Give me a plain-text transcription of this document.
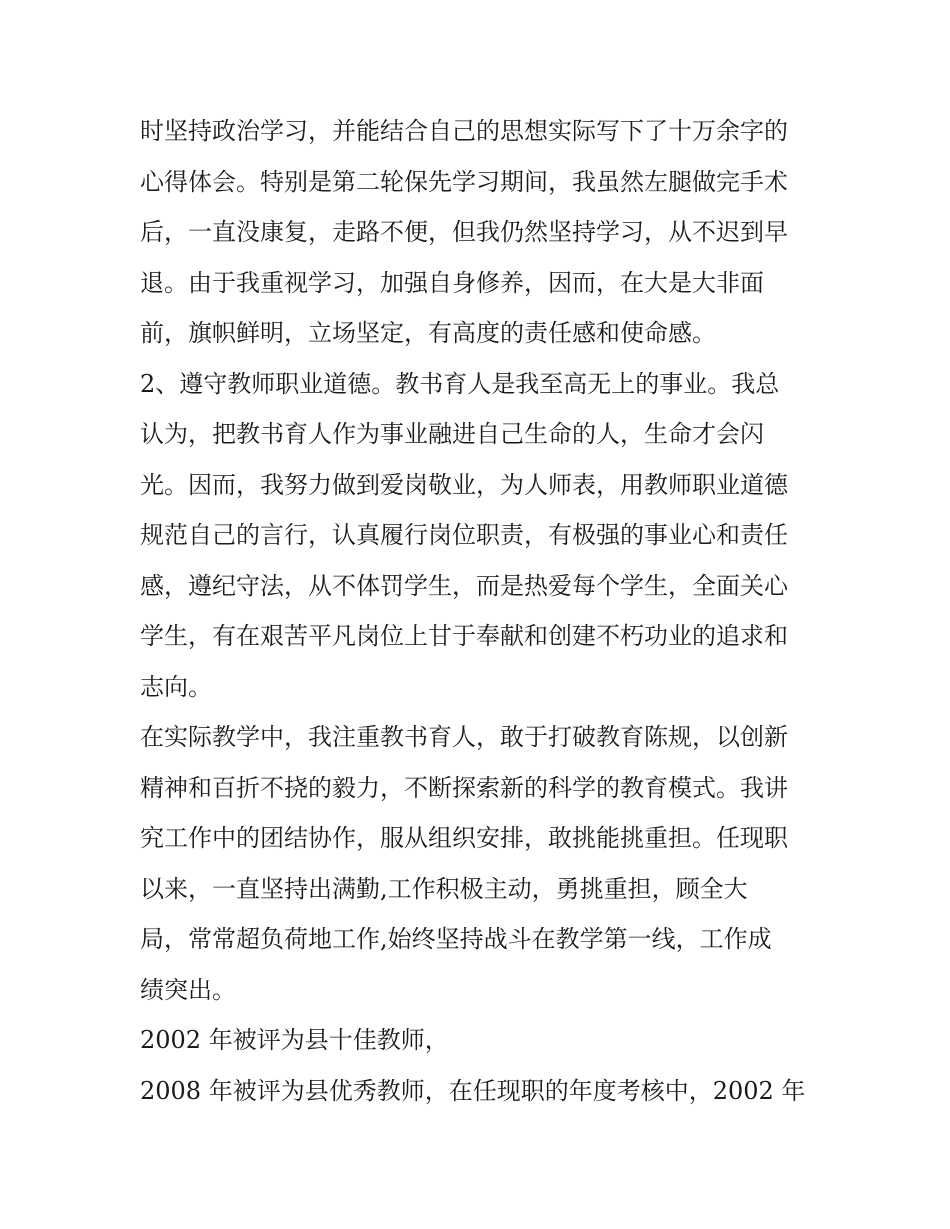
时坚持政治学习，并能结合自己的思想实际写下了十万余字的
心得体会。特别是第二轮保先学习期间，我虽然左腿做完手术
后，一直没康复，走路不便，但我仍然坚持学习，从不迟到早
退。由于我重视学习，加强自身修养，因而，在大是大非面
前，旗帜鲜明，立场坚定，有高度的责任感和使命感。
2、遵守教师职业道德。教书育人是我至高无上的事业。我总
认为，把教书育人作为事业融进自己生命的人，生命才会闪
光。因而，我努力做到爱岗敬业，为人师表，用教师职业道德
规范自己的言行，认真履行岗位职责，有极强的事业心和责任
感，遵纪守法，从不体罚学生，而是热爱每个学生，全面关心
学生，有在艰苦平凡岗位上甘于奉献和创建不朽功业的追求和
志向。
在实际教学中，我注重教书育人，敢于打破教育陈规，以创新
精神和百折不挠的毅力，不断探索新的科学的教育模式。我讲
究工作中的团结协作，服从组织安排，敢挑能挑重担。任现职
以来，一直坚持出满勤,工作积极主动，勇挑重担，顾全大
局，常常超负荷地工作,始终坚持战斗在教学第一线，工作成
绩突出。
2002 年被评为县十佳教师，
2008 年被评为县优秀教师，在任现职的年度考核中，2002 年
